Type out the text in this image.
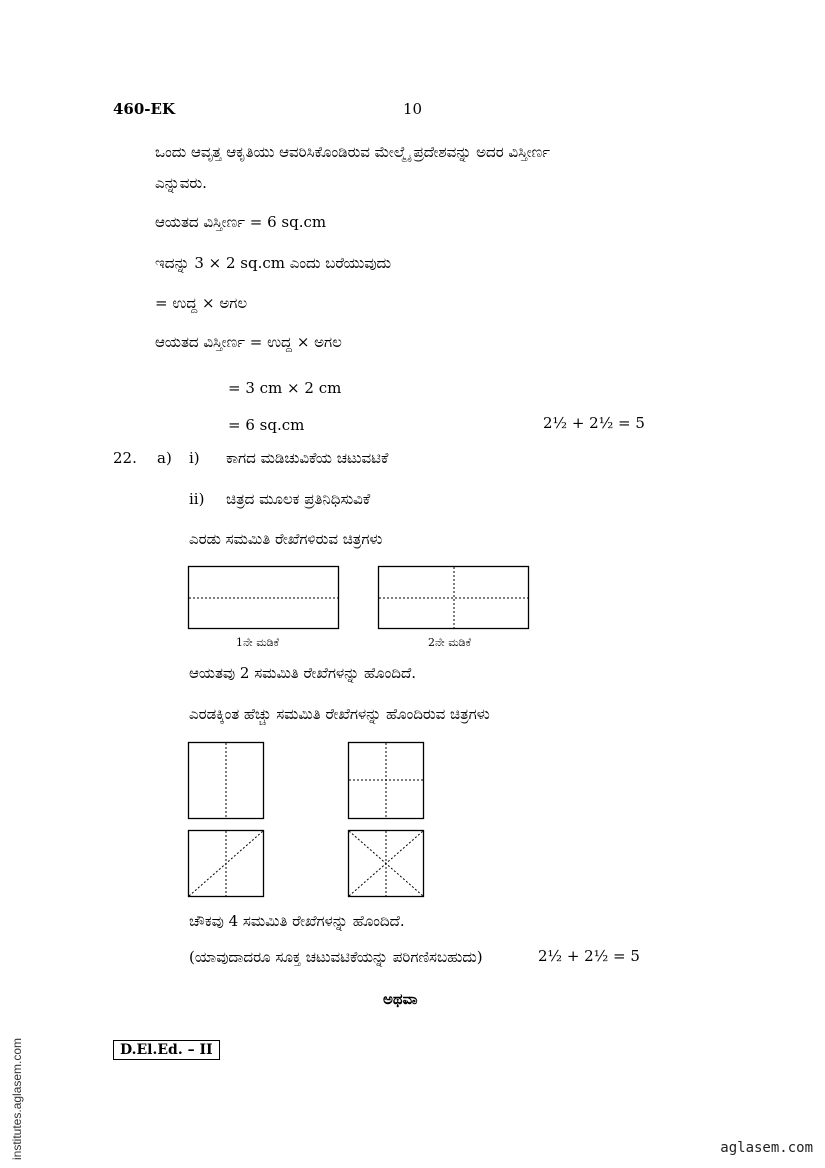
460-EK	10
ಒಂದು ಆವೃತ್ತ ಆಕೃತಿಯು ಆವರಿಸಿಕೊಂಡಿರುವ ಮೇಲ್ಮೈ ಪ್ರದೇಶವನ್ನು ಅದರ ವಿಸ್ತೀರ್ಣ
ಎನ್ನುವರು.
ಆಯತದ ವಿಸ್ತೀರ್ಣ = 6 sq.cm
ಇದನ್ನು 3 × 2 sq.cm ಎಂದು ಬರೆಯುವುದು
= ಉದ್ದ × ಅಗಲ
ಆಯತದ ವಿಸ್ತೀರ್ಣ = ಉದ್ದ × ಅಗಲ
= 3 cm × 2 cm
= 6 sq.cm	2½ + 2½ = 5
22. a) i) ಕಾಗದ ಮಡಿಚುವಿಕೆಯ ಚಟುವಟಿಕೆ
ii) ಚಿತ್ರದ ಮೂಲಕ ಪ್ರತಿನಿಧಿಸುವಿಕೆ
ಎರಡು ಸಮಮಿತಿ ರೇಖೆಗಳಿರುವ ಚಿತ್ರಗಳು
1ನೇ ಮಡಿಕೆ	2ನೇ ಮಡಿಕೆ
ಆಯತವು 2 ಸಮಮಿತಿ ರೇಖೆಗಳನ್ನು ಹೊಂದಿದೆ.
ಎರಡಕ್ಕಿಂತ ಹೆಚ್ಚು ಸಮಮಿತಿ ರೇಖೆಗಳನ್ನು ಹೊಂದಿರುವ ಚಿತ್ರಗಳು
ಚೌಕವು 4 ಸಮಮಿತಿ ರೇಖೆಗಳನ್ನು ಹೊಂದಿದೆ.
(ಯಾವುದಾದರೂ ಸೂಕ್ತ ಚಟುವಟಿಕೆಯನ್ನು ಪರಿಗಣಿಸಬಹುದು)	2½ + 2½ = 5
ಅಥವಾ
D.El.Ed. – II
institutes.aglasem.com	aglasem.com
